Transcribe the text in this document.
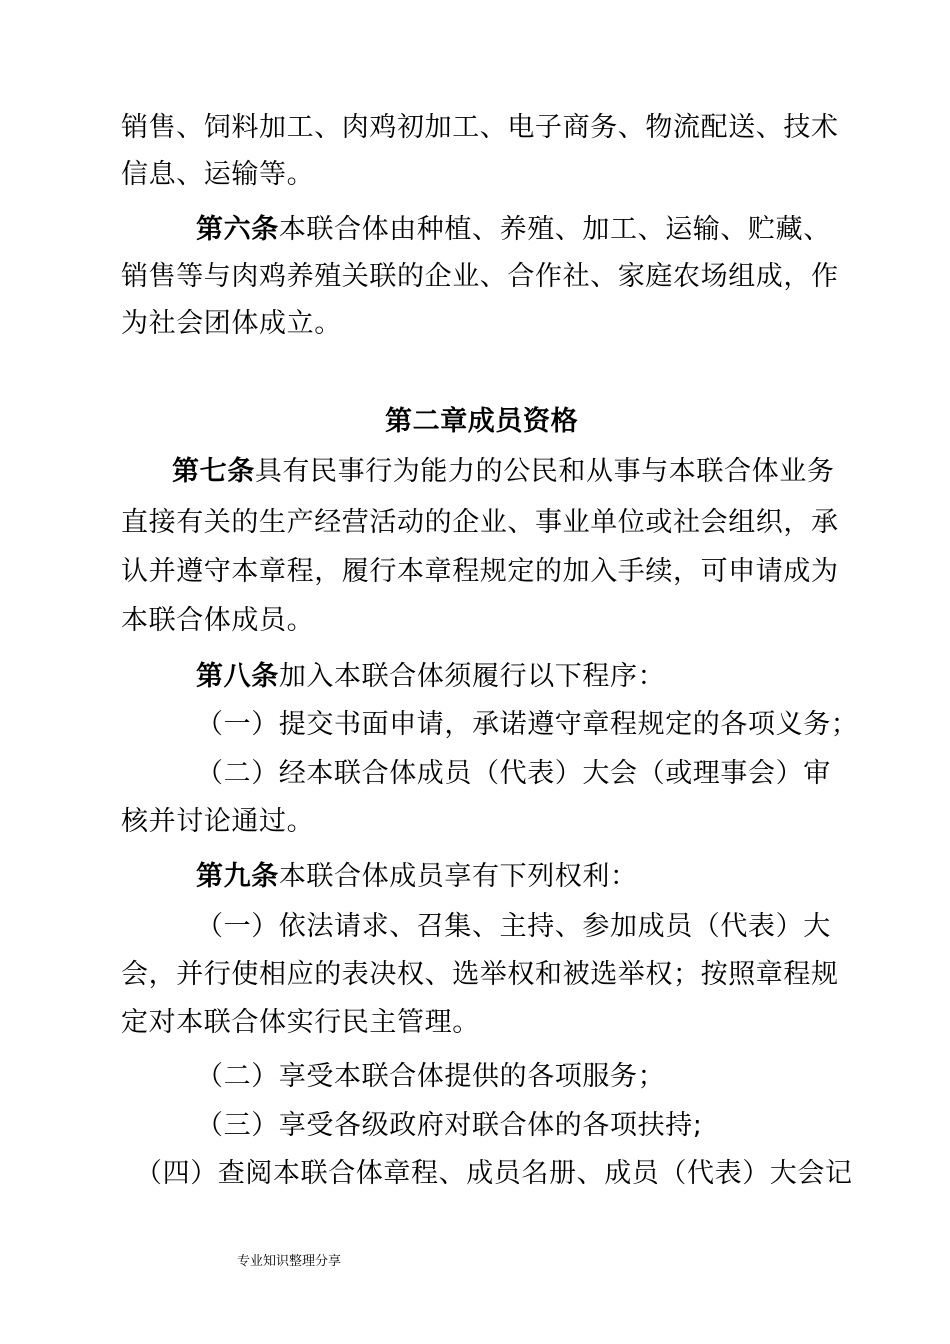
销售、饲料加工、肉鸡初加工、电子商务、物流配送、技术

信息、运输等。

第六条本联合体由种植、养殖、加工、运输、贮藏、

销售等与肉鸡养殖关联的企业、合作社、家庭农场组成，作

为社会团体成立。

第二章成员资格

第七条具有民事行为能力的公民和从事与本联合体业务

直接有关的生产经营活动的企业、事业单位或社会组织，承

认并遵守本章程，履行本章程规定的加入手续，可申请成为

本联合体成员。

第八条加入本联合体须履行以下程序：

（一）提交书面申请，承诺遵守章程规定的各项义务；

（二）经本联合体成员（代表）大会（或理事会）审

核并讨论通过。

第九条本联合体成员享有下列权利：

（一）依法请求、召集、主持、参加成员（代表）大

会，并行使相应的表决权、选举权和被选举权；按照章程规

定对本联合体实行民主管理。

（二）享受本联合体提供的各项服务；

（三）享受各级政府对联合体的各项扶持;

（四）查阅本联合体章程、成员名册、成员（代表）大会记

专业知识整理分享
